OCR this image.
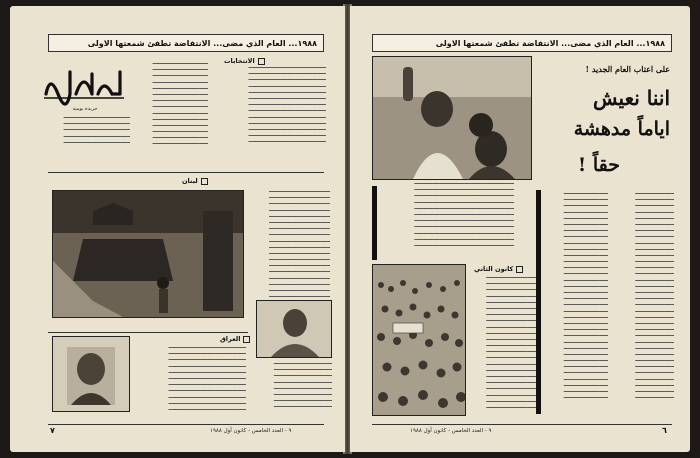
١٩٨٨... العام الذي مضى... الانتفاضة تطفئ شمعتها الاولى
━━━━━━━━━━━━━━━━━━━━
━━━━━━━━━━━━━━━━━━━━
━━━━━━━━━━━━━━━━━━━━
━━━━━━━━━━━━━━━━━━━━
━━━━━━━━━━━━━━━━━━━━
━━━━━━━━━━━━━━━━━━━━
━━━━━━━━━━━━━━━━━━━━
━━━━━━━━━━━━━━━━━━━━
━━━━━━━━━━━━━━━━━━━━
━━━━━━━━━━━━━━━━━━━━
━━━━━━━━━━━━━━━━━━━━
━━━━━━━━━━━━━━━━━━━━
━━━━━━━━━━━━━━━━━━━━
━━━━━━━━━━━━━━━━━━━━
━━━━━━━━━━━━━━━━━━━━━━━━━━━━
━━━━━━━━━━━━━━━━━━━━━━━━━━━━
━━━━━━━━━━━━━━━━━━━━━━━━━━━━
━━━━━━━━━━━━━━━━━━━━━━━━━━━━
━━━━━━━━━━━━━━━━━━━━━━━━━━━━
━━━━━━━━━━━━━━━━━━━━━━━━━━━━
━━━━━━━━━━━━━━━━━━━━━━━━━━━━
━━━━━━━━━━━━━━━━━━━━━━━━━━━━
━━━━━━━━━━━━━━━━━━━━━━━━━━━━
━━━━━━━━━━━━━━━━━━━━━━━━━━━━
━━━━━━━━━━━━━━━━━━━━━━━━━━━━
━━━━━━━━━━━━━━━━━━━━━━━━━━━━
━━━━━━━━━━━━━━━━━━━━━━━━━━━━
الانتخابات
جريدة يومية
━━━━━━━━━━━━━━━━━━━━━━━━
━━━━━━━━━━━━━━━━━━━━━━━━
━━━━━━━━━━━━━━━━━━━━━━━━
━━━━━━━━━━━━━━━━━━━━━━━━
━━━━━━━━━━━━━━━━━━━━━━━━
لبنان
━━━━━━━━━━━━━━━━━━━━━━
━━━━━━━━━━━━━━━━━━━━━━
━━━━━━━━━━━━━━━━━━━━━━
━━━━━━━━━━━━━━━━━━━━━━
━━━━━━━━━━━━━━━━━━━━━━
━━━━━━━━━━━━━━━━━━━━━━
━━━━━━━━━━━━━━━━━━━━━━
━━━━━━━━━━━━━━━━━━━━━━
━━━━━━━━━━━━━━━━━━━━━━
━━━━━━━━━━━━━━━━━━━━━━
━━━━━━━━━━━━━━━━━━━━━━
━━━━━━━━━━━━━━━━━━━━━━
━━━━━━━━━━━━━━━━━━━━━━
━━━━━━━━━━━━━━━━━━━━━━
━━━━━━━━━━━━━━━━━━━━━━
━━━━━━━━━━━━━━━━━━━━━━
━━━━━━━━━━━━━━━━━━━━━━
━━━━━━━━━━━━━━━━━━━━━━
العراق
━━━━━━━━━━━━━━━━━━━━━━━━━━━━
━━━━━━━━━━━━━━━━━━━━━━━━━━━━
━━━━━━━━━━━━━━━━━━━━━━━━━━━━
━━━━━━━━━━━━━━━━━━━━━━━━━━━━
━━━━━━━━━━━━━━━━━━━━━━━━━━━━
━━━━━━━━━━━━━━━━━━━━━━━━━━━━
━━━━━━━━━━━━━━━━━━━━━━━━━━━━
━━━━━━━━━━━━━━━━━━━━━━━━━━━━
━━━━━━━━━━━━━━━━━━━━━━━━━━━━
━━━━━━━━━━━━━━━━━━━━━━━━━━━━
━━━━━━━━━━━━━━━━━━━━━━━━━━━━
━━━━━━━━━━━━━━━━━━━━━
━━━━━━━━━━━━━━━━━━━━━
━━━━━━━━━━━━━━━━━━━━━
━━━━━━━━━━━━━━━━━━━━━
━━━━━━━━━━━━━━━━━━━━━
━━━━━━━━━━━━━━━━━━━━━
━━━━━━━━━━━━━━━━━━━━━
━━━━━━━━━━━━━━━━━━━━━
٧	٩ - العدد الخامس - كانون أول ١٩٨٨
١٩٨٨... العام الذي مضى... الانتفاضة تطفئ شمعتها الاولى
على اعتاب العام الجديد !
اننا نعيش
اياماً مدهشة
حقاً !
━━━━━━━━━━━━━━━━━━━━━━━━━━━━━━━━━━━━
━━━━━━━━━━━━━━━━━━━━━━━━━━━━━━━━━━━━
━━━━━━━━━━━━━━━━━━━━━━━━━━━━━━━━━━━━
━━━━━━━━━━━━━━━━━━━━━━━━━━━━━━━━━━━━
━━━━━━━━━━━━━━━━━━━━━━━━━━━━━━━━━━━━
━━━━━━━━━━━━━━━━━━━━━━━━━━━━━━━━━━━━
━━━━━━━━━━━━━━━━━━━━━━━━━━━━━━━━━━━━
━━━━━━━━━━━━━━━━━━━━━━━━━━━━━━━━━━━━
━━━━━━━━━━━━━━━━━━━━━━━━━━━━━━━━━━━━
━━━━━━━━━━━━━━━━━━━━━━━━━━━━━━━━━━━━
━━━━━━━━━━━━━━━━━━━━━━━━━━━━━━━━━━━━
━━━━━━━━━━━━━━━━
━━━━━━━━━━━━━━━━
━━━━━━━━━━━━━━━━
━━━━━━━━━━━━━━━━
━━━━━━━━━━━━━━━━
━━━━━━━━━━━━━━━━
━━━━━━━━━━━━━━━━
━━━━━━━━━━━━━━━━
━━━━━━━━━━━━━━━━
━━━━━━━━━━━━━━━━
━━━━━━━━━━━━━━━━
━━━━━━━━━━━━━━━━
━━━━━━━━━━━━━━━━
━━━━━━━━━━━━━━━━
━━━━━━━━━━━━━━━━
━━━━━━━━━━━━━━━━
━━━━━━━━━━━━━━━━
━━━━━━━━━━━━━━━━
━━━━━━━━━━━━━━━━
━━━━━━━━━━━━━━━━
━━━━━━━━━━━━━━━━
━━━━━━━━━━━━━━━━
━━━━━━━━━━━━━━━━
━━━━━━━━━━━━━━━━
━━━━━━━━━━━━━━━━
━━━━━━━━━━━━━━━━
━━━━━━━━━━━━━━━━
━━━━━━━━━━━━━━━━
━━━━━━━━━━━━━━━━
━━━━━━━━━━━━━━━━
━━━━━━━━━━━━━━━━
━━━━━━━━━━━━━━━━
━━━━━━━━━━━━━━━━
━━━━━━━━━━━━━━━━
━━━━━━━━━━━━━━
━━━━━━━━━━━━━━
━━━━━━━━━━━━━━
━━━━━━━━━━━━━━
━━━━━━━━━━━━━━
━━━━━━━━━━━━━━
━━━━━━━━━━━━━━
━━━━━━━━━━━━━━
━━━━━━━━━━━━━━
━━━━━━━━━━━━━━
━━━━━━━━━━━━━━
━━━━━━━━━━━━━━
━━━━━━━━━━━━━━
━━━━━━━━━━━━━━
━━━━━━━━━━━━━━
━━━━━━━━━━━━━━
━━━━━━━━━━━━━━
━━━━━━━━━━━━━━
━━━━━━━━━━━━━━
━━━━━━━━━━━━━━
━━━━━━━━━━━━━━
━━━━━━━━━━━━━━
━━━━━━━━━━━━━━
━━━━━━━━━━━━━━
━━━━━━━━━━━━━━
━━━━━━━━━━━━━━
━━━━━━━━━━━━━━
━━━━━━━━━━━━━━
━━━━━━━━━━━━━━
━━━━━━━━━━━━━━
━━━━━━━━━━━━━━
━━━━━━━━━━━━━━
━━━━━━━━━━━━━━
━━━━━━━━━━━━━━
كانون الثاني
━━━━━━━━━━━━━━━━━━
━━━━━━━━━━━━━━━━━━
━━━━━━━━━━━━━━━━━━
━━━━━━━━━━━━━━━━━━
━━━━━━━━━━━━━━━━━━
━━━━━━━━━━━━━━━━━━
━━━━━━━━━━━━━━━━━━
━━━━━━━━━━━━━━━━━━
━━━━━━━━━━━━━━━━━━
━━━━━━━━━━━━━━━━━━
━━━━━━━━━━━━━━━━━━
━━━━━━━━━━━━━━━━━━
━━━━━━━━━━━━━━━━━━
━━━━━━━━━━━━━━━━━━
━━━━━━━━━━━━━━━━━━
━━━━━━━━━━━━━━━━━━
━━━━━━━━━━━━━━━━━━
━━━━━━━━━━━━━━━━━━
━━━━━━━━━━━━━━━━━━
━━━━━━━━━━━━━━━━━━
━━━━━━━━━━━━━━━━━━
━━━━━━━━━━━━━━━━━━
٩ - العدد الخامس - كانون أول ١٩٨٨	٦
